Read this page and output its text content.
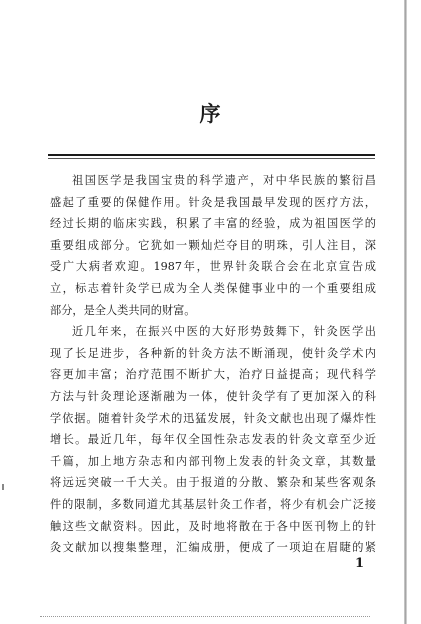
序
祖国医学是我国宝贵的科学遗产，对中华民族的繁衍昌
盛起了重要的保健作用。针灸是我国最早发现的医疗方法，
经过长期的临床实践，积累了丰富的经验，成为祖国医学的
重要组成部分。它犹如一颗灿烂夺目的明珠，引人注目，深
受广大病者欢迎。1987年，世界针灸联合会在北京宣告成
立，标志着针灸学已成为全人类保健事业中的一个重要组成
部分，是全人类共同的财富。
近几年来，在振兴中医的大好形势鼓舞下，针灸医学出
现了长足进步，各种新的针灸方法不断涌现，使针灸学术内
容更加丰富；治疗范围不断扩大，治疗日益提高；现代科学
方法与针灸理论逐渐融为一体，使针灸学有了更加深入的科
学依据。随着针灸学术的迅猛发展，针灸文献也出现了爆炸性
增长。最近几年，每年仅全国性杂志发表的针灸文章至少近
千篇，加上地方杂志和内部刊物上发表的针灸文章，其数量
将远远突破一千大关。由于报道的分散、繁杂和某些客观条
件的限制，多数同道尤其基层针灸工作者，将少有机会广泛接
触这些文献资料。因此，及时地将散在于各中医刊物上的针
灸文献加以搜集整理，汇编成册，便成了一项迫在眉睫的紧
1
